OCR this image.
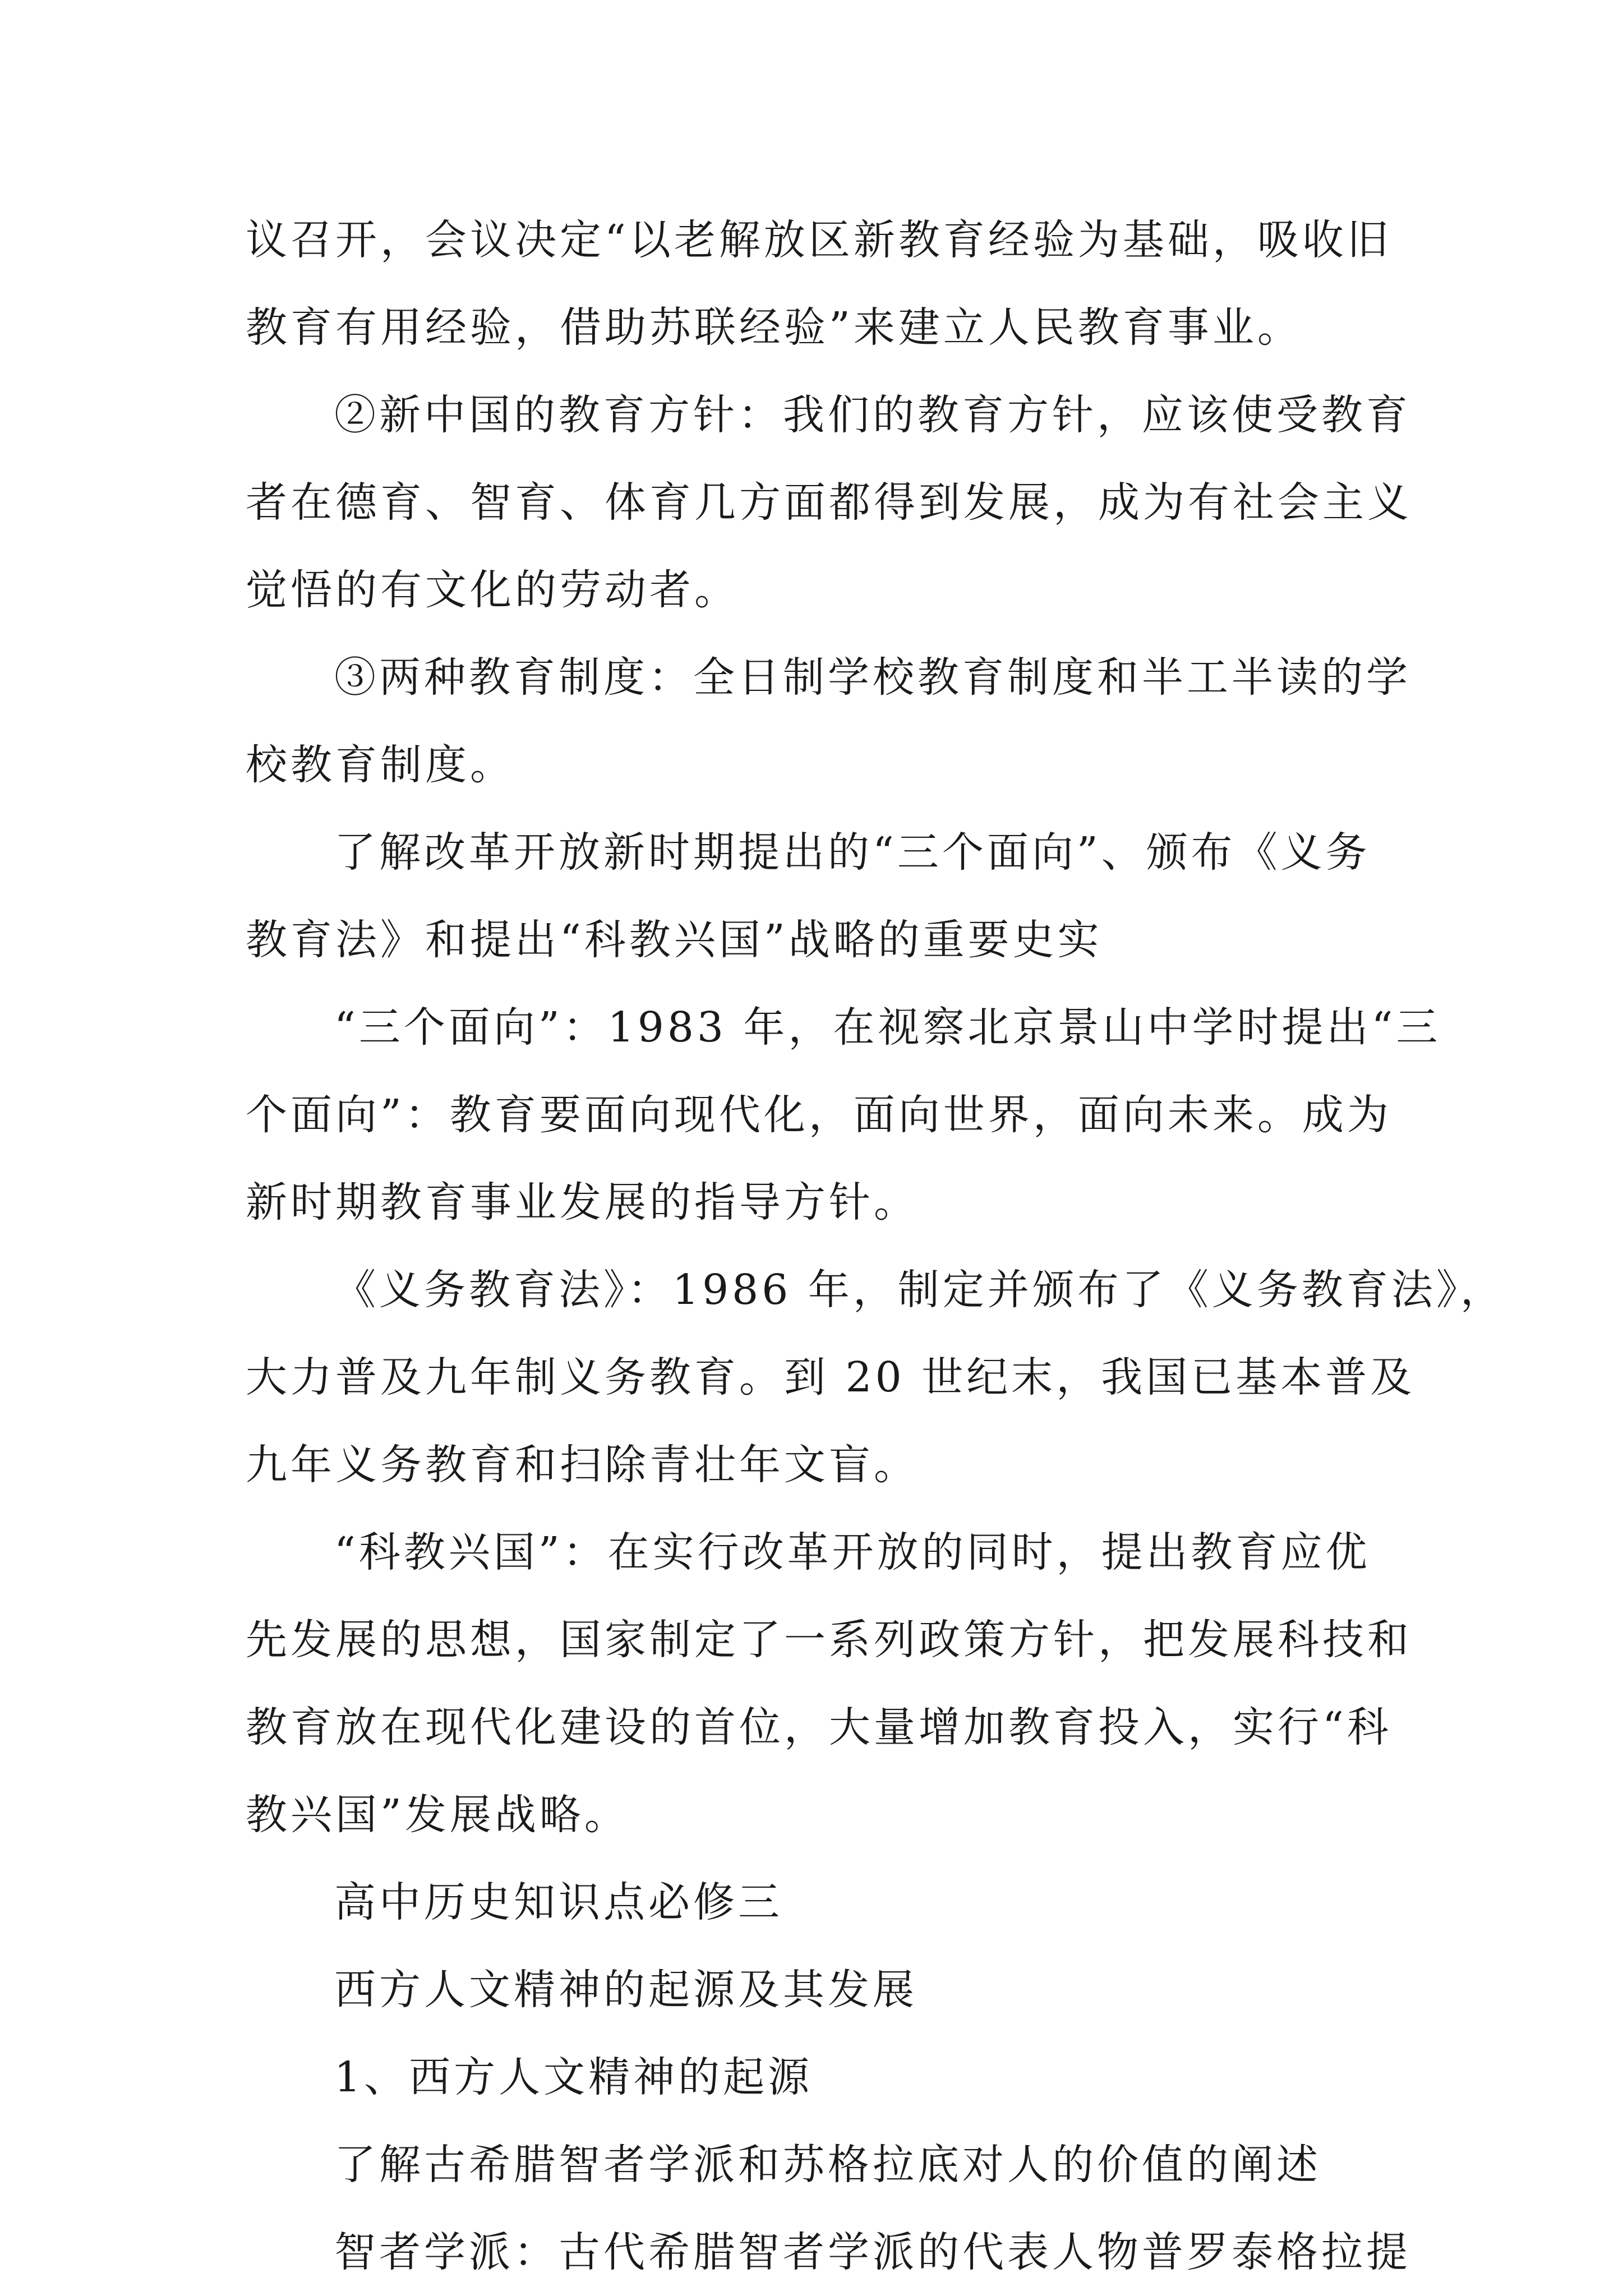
议召开，会议决定“以老解放区新教育经验为基础，吸收旧
教育有用经验，借助苏联经验”来建立人民教育事业。
②新中国的教育方针：我们的教育方针，应该使受教育
者在德育、智育、体育几方面都得到发展，成为有社会主义
觉悟的有文化的劳动者。
③两种教育制度：全日制学校教育制度和半工半读的学
校教育制度。
了解改革开放新时期提出的“三个面向”、颁布《义务
教育法》和提出“科教兴国”战略的重要史实
“三个面向”：1983 年，在视察北京景山中学时提出“三
个面向”：教育要面向现代化，面向世界，面向未来。成为
新时期教育事业发展的指导方针。
《义务教育法》：1986 年，制定并颁布了《义务教育法》，
大力普及九年制义务教育。到 20 世纪末，我国已基本普及
九年义务教育和扫除青壮年文盲。
“科教兴国”：在实行改革开放的同时，提出教育应优
先发展的思想，国家制定了一系列政策方针，把发展科技和
教育放在现代化建设的首位，大量增加教育投入，实行“科
教兴国”发展战略。
高中历史知识点必修三
西方人文精神的起源及其发展
1、西方人文精神的起源
了解古希腊智者学派和苏格拉底对人的价值的阐述
智者学派：古代希腊智者学派的代表人物普罗泰格拉提
